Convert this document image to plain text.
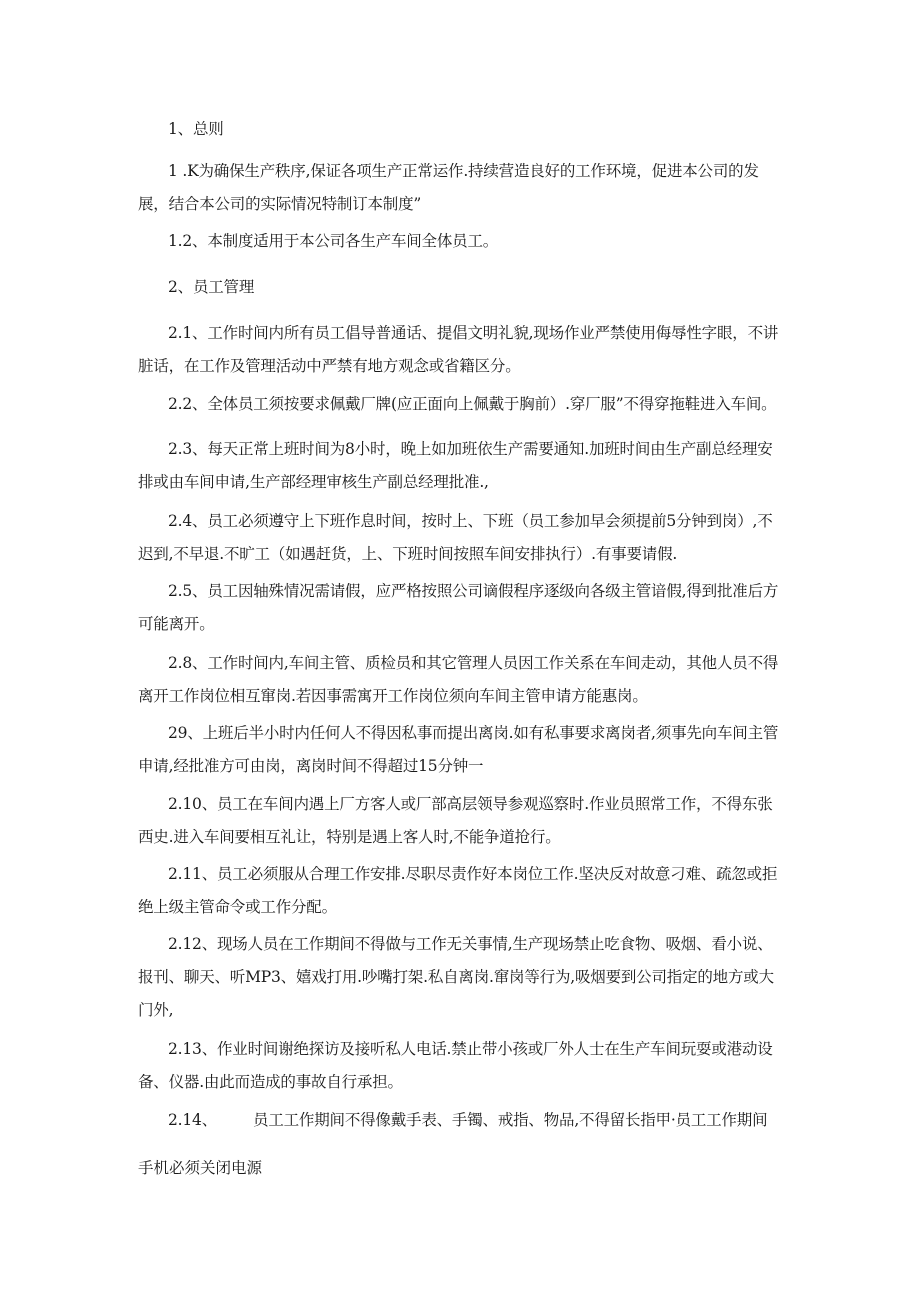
1、总则

1 .K为确保生产秩序,保证各项生产正常运作.持续营造良好的工作环境，促进本公司的发展，结合本公司的实际情况特制订本制度”

1.2、本制度适用于本公司各生产车间全体员工。

2、员工管理

2.1、工作时间内所有员工倡导普通话、提倡文明礼貌,现场作业严禁使用侮辱性字眼，不讲脏话，在工作及管理活动中严禁有地方观念或省籍区分。

2.2、全体员工须按要求佩戴厂牌(应正面向上佩戴于胸前）.穿厂服”不得穿拖鞋进入车间。

2.3、每天正常上班时间为8小时，晚上如加班依生产需要通知.加班时间由生产副总经理安排或由车间申请,生产部经理审核生产副总经理批准.,

2.4、员工必须遵守上下班作息时间，按时上、下班（员工参加早会须提前5分钟到岗）,不迟到,不早退.不旷工（如遇赶货，上、下班时间按照车间安排执行）.有事要请假.

2.5、员工因轴殊情况需请假，应严格按照公司谪假程序逐级向各级主管谙假,得到批准后方可能离开。

2.8、工作时间内,车间主管、质检员和其它管理人员因工作关系在车间走动，其他人员不得离开工作岗位相互窜岗.若因事需寓开工作岗位须向车间主管申请方能惠岗。

29、上班后半小时内任何人不得因私事而提出离岗.如有私事要求离岗者,须事先向车间主管申请,经批准方可由岗，离岗时间不得超过15分钟一

2.10、员工在车间内遇上厂方客人或厂部高层领导参观巡察时.作业员照常工作，不得东张西史.进入车间要相互礼让，特别是遇上客人时,不能争道抢行。

2.11、员工必须服从合理工作安排.尽职尽责作好本岗位工作.坚决反对故意刁难、疏忽或拒绝上级主管命令或工作分配。

2.12、现场人员在工作期间不得做与工作无关事情,生产现场禁止吃食物、吸烟、看小说、报刊、聊天、听MP3、嬉戏打用.吵嘴打架.私自离岗.窜岗等行为,吸烟要到公司指定的地方或大门外,

2.13、作业时间谢绝探访及接听私人电话.禁止带小孩或厂外人士在生产车间玩耍或港动设备、仪器.由此而造成的事故自行承担。

2.14、 员工工作期间不得像戴手表、手镯、戒指、物品,不得留长指甲·员工工作期间

手机必须关闭电源
